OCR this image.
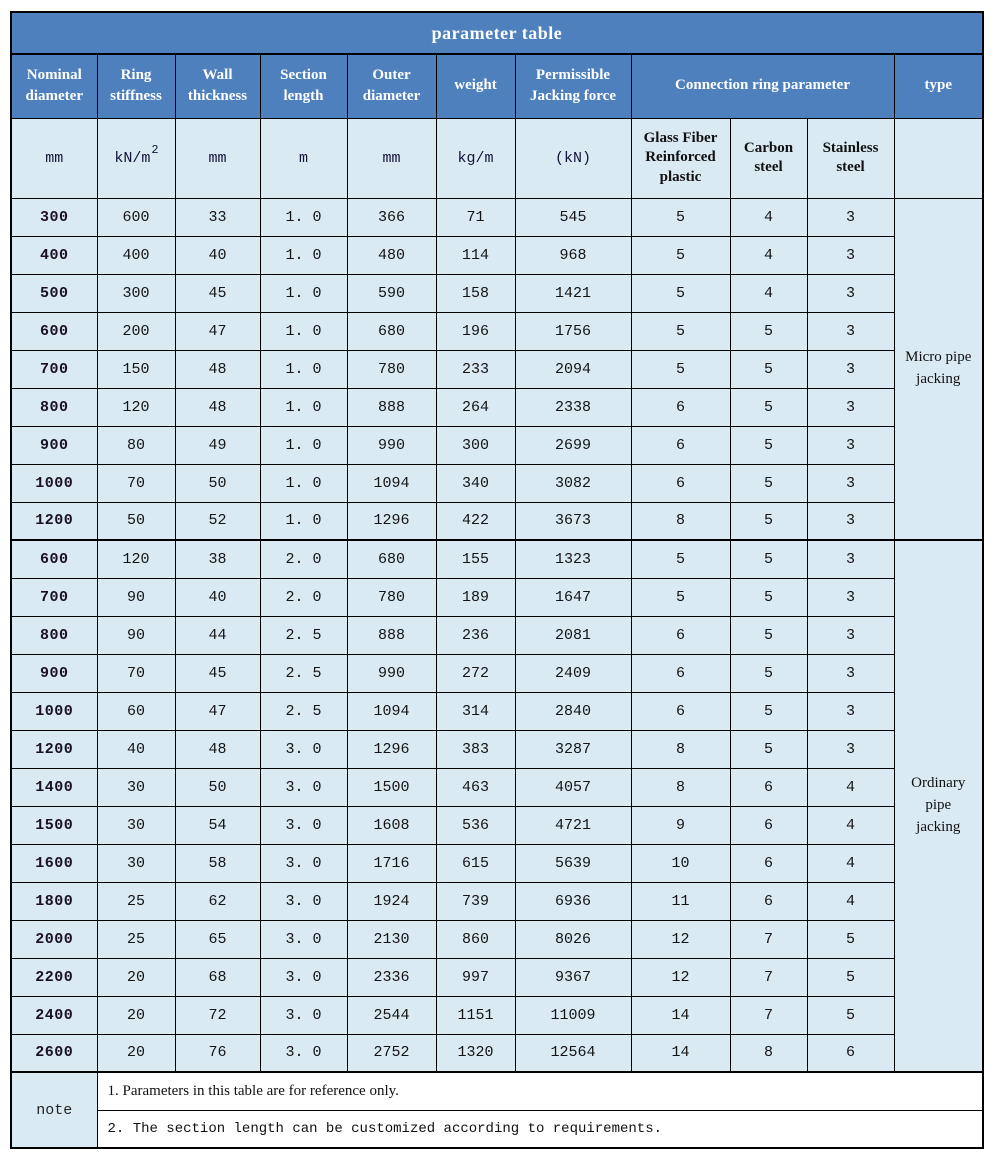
parameter table										
Nominal diameter	Ring stiffness	Wall thickness	Section length	Outer diameter	weight	Permissible Jacking force	Connection ring parameter			type
mm	$kN/m^2$	mm	m	mm	kg/m	(kN)	Glass Fiber Reinforced plastic	Carbon steel	Stainless steel	
300	600	33	1. 0	366	71	545	5	4	3	Micro pipe jacking
400	400	40	1. 0	480	114	968	5	4	3	
500	300	45	1. 0	590	158	1421	5	4	3	
600	200	47	1. 0	680	196	1756	5	5	3	
700	150	48	1. 0	780	233	2094	5	5	3	
800	120	48	1. 0	888	264	2338	6	5	3	
900	80	49	1. 0	990	300	2699	6	5	3	
1000	70	50	1. 0	1094	340	3082	6	5	3	
1200	50	52	1. 0	1296	422	3673	8	5	3	
600	120	38	2. 0	680	155	1323	5	5	3	Ordinary pipe jacking
700	90	40	2. 0	780	189	1647	5	5	3	
800	90	44	2. 5	888	236	2081	6	5	3	
900	70	45	2. 5	990	272	2409	6	5	3	
1000	60	47	2. 5	1094	314	2840	6	5	3	
1200	40	48	3. 0	1296	383	3287	8	5	3	
1400	30	50	3. 0	1500	463	4057	8	6	4	
1500	30	54	3. 0	1608	536	4721	9	6	4	
1600	30	58	3. 0	1716	615	5639	10	6	4	
1800	25	62	3. 0	1924	739	6936	11	6	4	
2000	25	65	3. 0	2130	860	8026	12	7	5	
2200	20	68	3. 0	2336	997	9367	12	7	5	
2400	20	72	3. 0	2544	1151	11009	14	7	5	
2600	20	76	3. 0	2752	1320	12564	14	8	6	
note	1. Parameters in this table are for reference only.									
	2. The section length can be customized according to requirements.									
